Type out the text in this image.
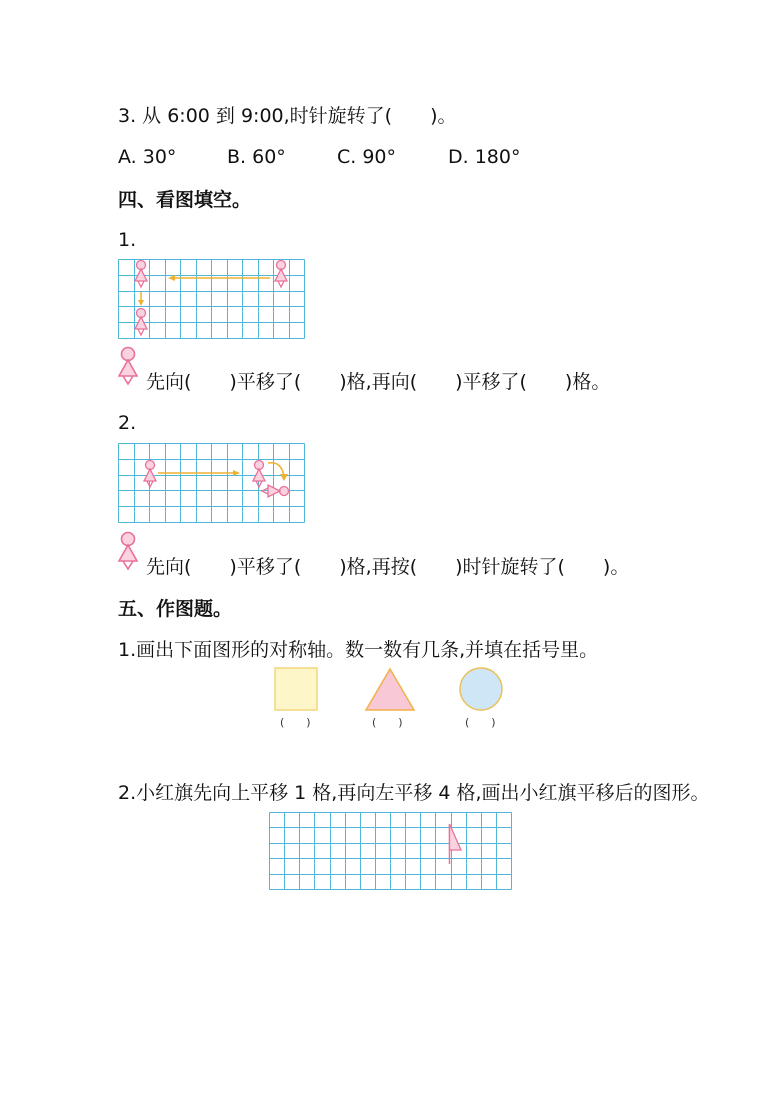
3. 从 6:00 到 9:00,时针旋转了(　　)。
A. 30°	B. 60°	C. 90°	D. 180°
四、看图填空。
1.
先向(　　)平移了(　　)格,再向(　　)平移了(　　)格。
2.
先向(　　)平移了(　　)格,再按(　　)时针旋转了(　　)。
五、作图题。
1.画出下面图形的对称轴。数一数有几条,并填在括号里。
(　　)	(　　)	(　　)
2.小红旗先向上平移 1 格,再向左平移 4 格,画出小红旗平移后的图形。
